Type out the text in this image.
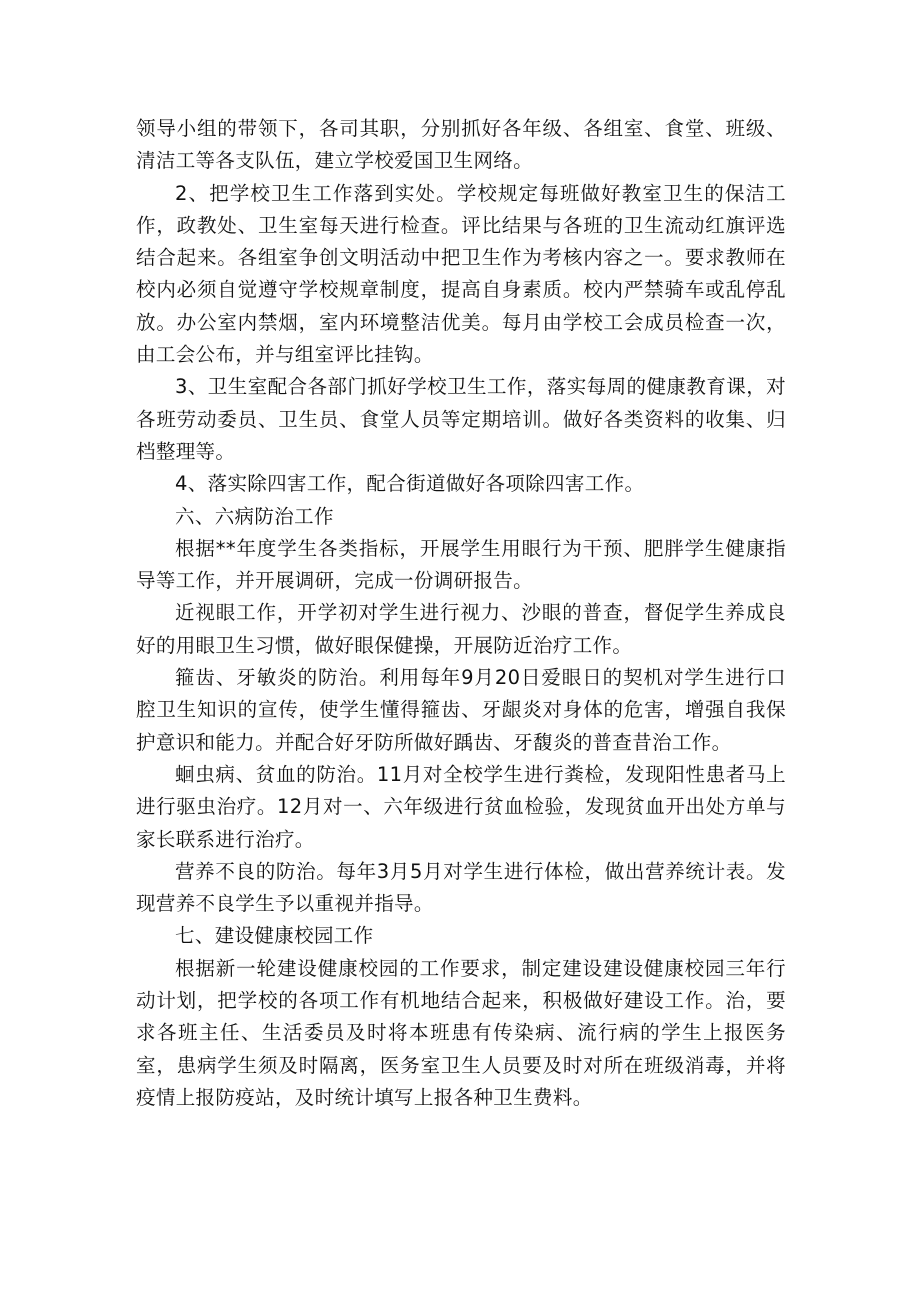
领导小组的带领下，各司其职，分别抓好各年级、各组室、食堂、班级、清洁工等各支队伍，建立学校爱国卫生网络。

2、把学校卫生工作落到实处。学校规定每班做好教室卫生的保洁工作，政教处、卫生室每天进行检查。评比结果与各班的卫生流动红旗评选结合起来。各组室争创文明活动中把卫生作为考核内容之一。要求教师在校内必须自觉遵守学校规章制度，提高自身素质。校内严禁骑车或乱停乱放。办公室内禁烟，室内环境整洁优美。每月由学校工会成员检查一次，由工会公布，并与组室评比挂钩。

3、卫生室配合各部门抓好学校卫生工作，落实每周的健康教育课，对各班劳动委员、卫生员、食堂人员等定期培训。做好各类资料的收集、归档整理等。

4、落实除四害工作，配合街道做好各项除四害工作。

六、六病防治工作

根据**年度学生各类指标，开展学生用眼行为干预、肥胖学生健康指导等工作，并开展调研，完成一份调研报告。

近视眼工作，开学初对学生进行视力、沙眼的普查，督促学生养成良好的用眼卫生习惯，做好眼保健操，开展防近治疗工作。

箍齿、牙敏炎的防治。利用每年9月20日爱眼日的契机对学生进行口腔卫生知识的宣传，使学生懂得箍齿、牙龈炎对身体的危害，增强自我保护意识和能力。并配合好牙防所做好踽齿、牙馥炎的普查昔治工作。

蛔虫病、贫血的防治。11月对全校学生进行粪检，发现阳性患者马上进行驱虫治疗。12月对一、六年级进行贫血检验，发现贫血开出处方单与家长联系进行治疗。

营养不良的防治。每年3月5月对学生进行体检，做出营养统计表。发现营养不良学生予以重视并指导。

七、建设健康校园工作

根据新一轮建设健康校园的工作要求，制定建设建设健康校园三年行动计划，把学校的各项工作有机地结合起来，积极做好建设工作。治，要求各班主任、生活委员及时将本班患有传染病、流行病的学生上报医务室，患病学生须及时隔离，医务室卫生人员要及时对所在班级消毒，并将疫情上报防疫站，及时统计填写上报各种卫生费料。
